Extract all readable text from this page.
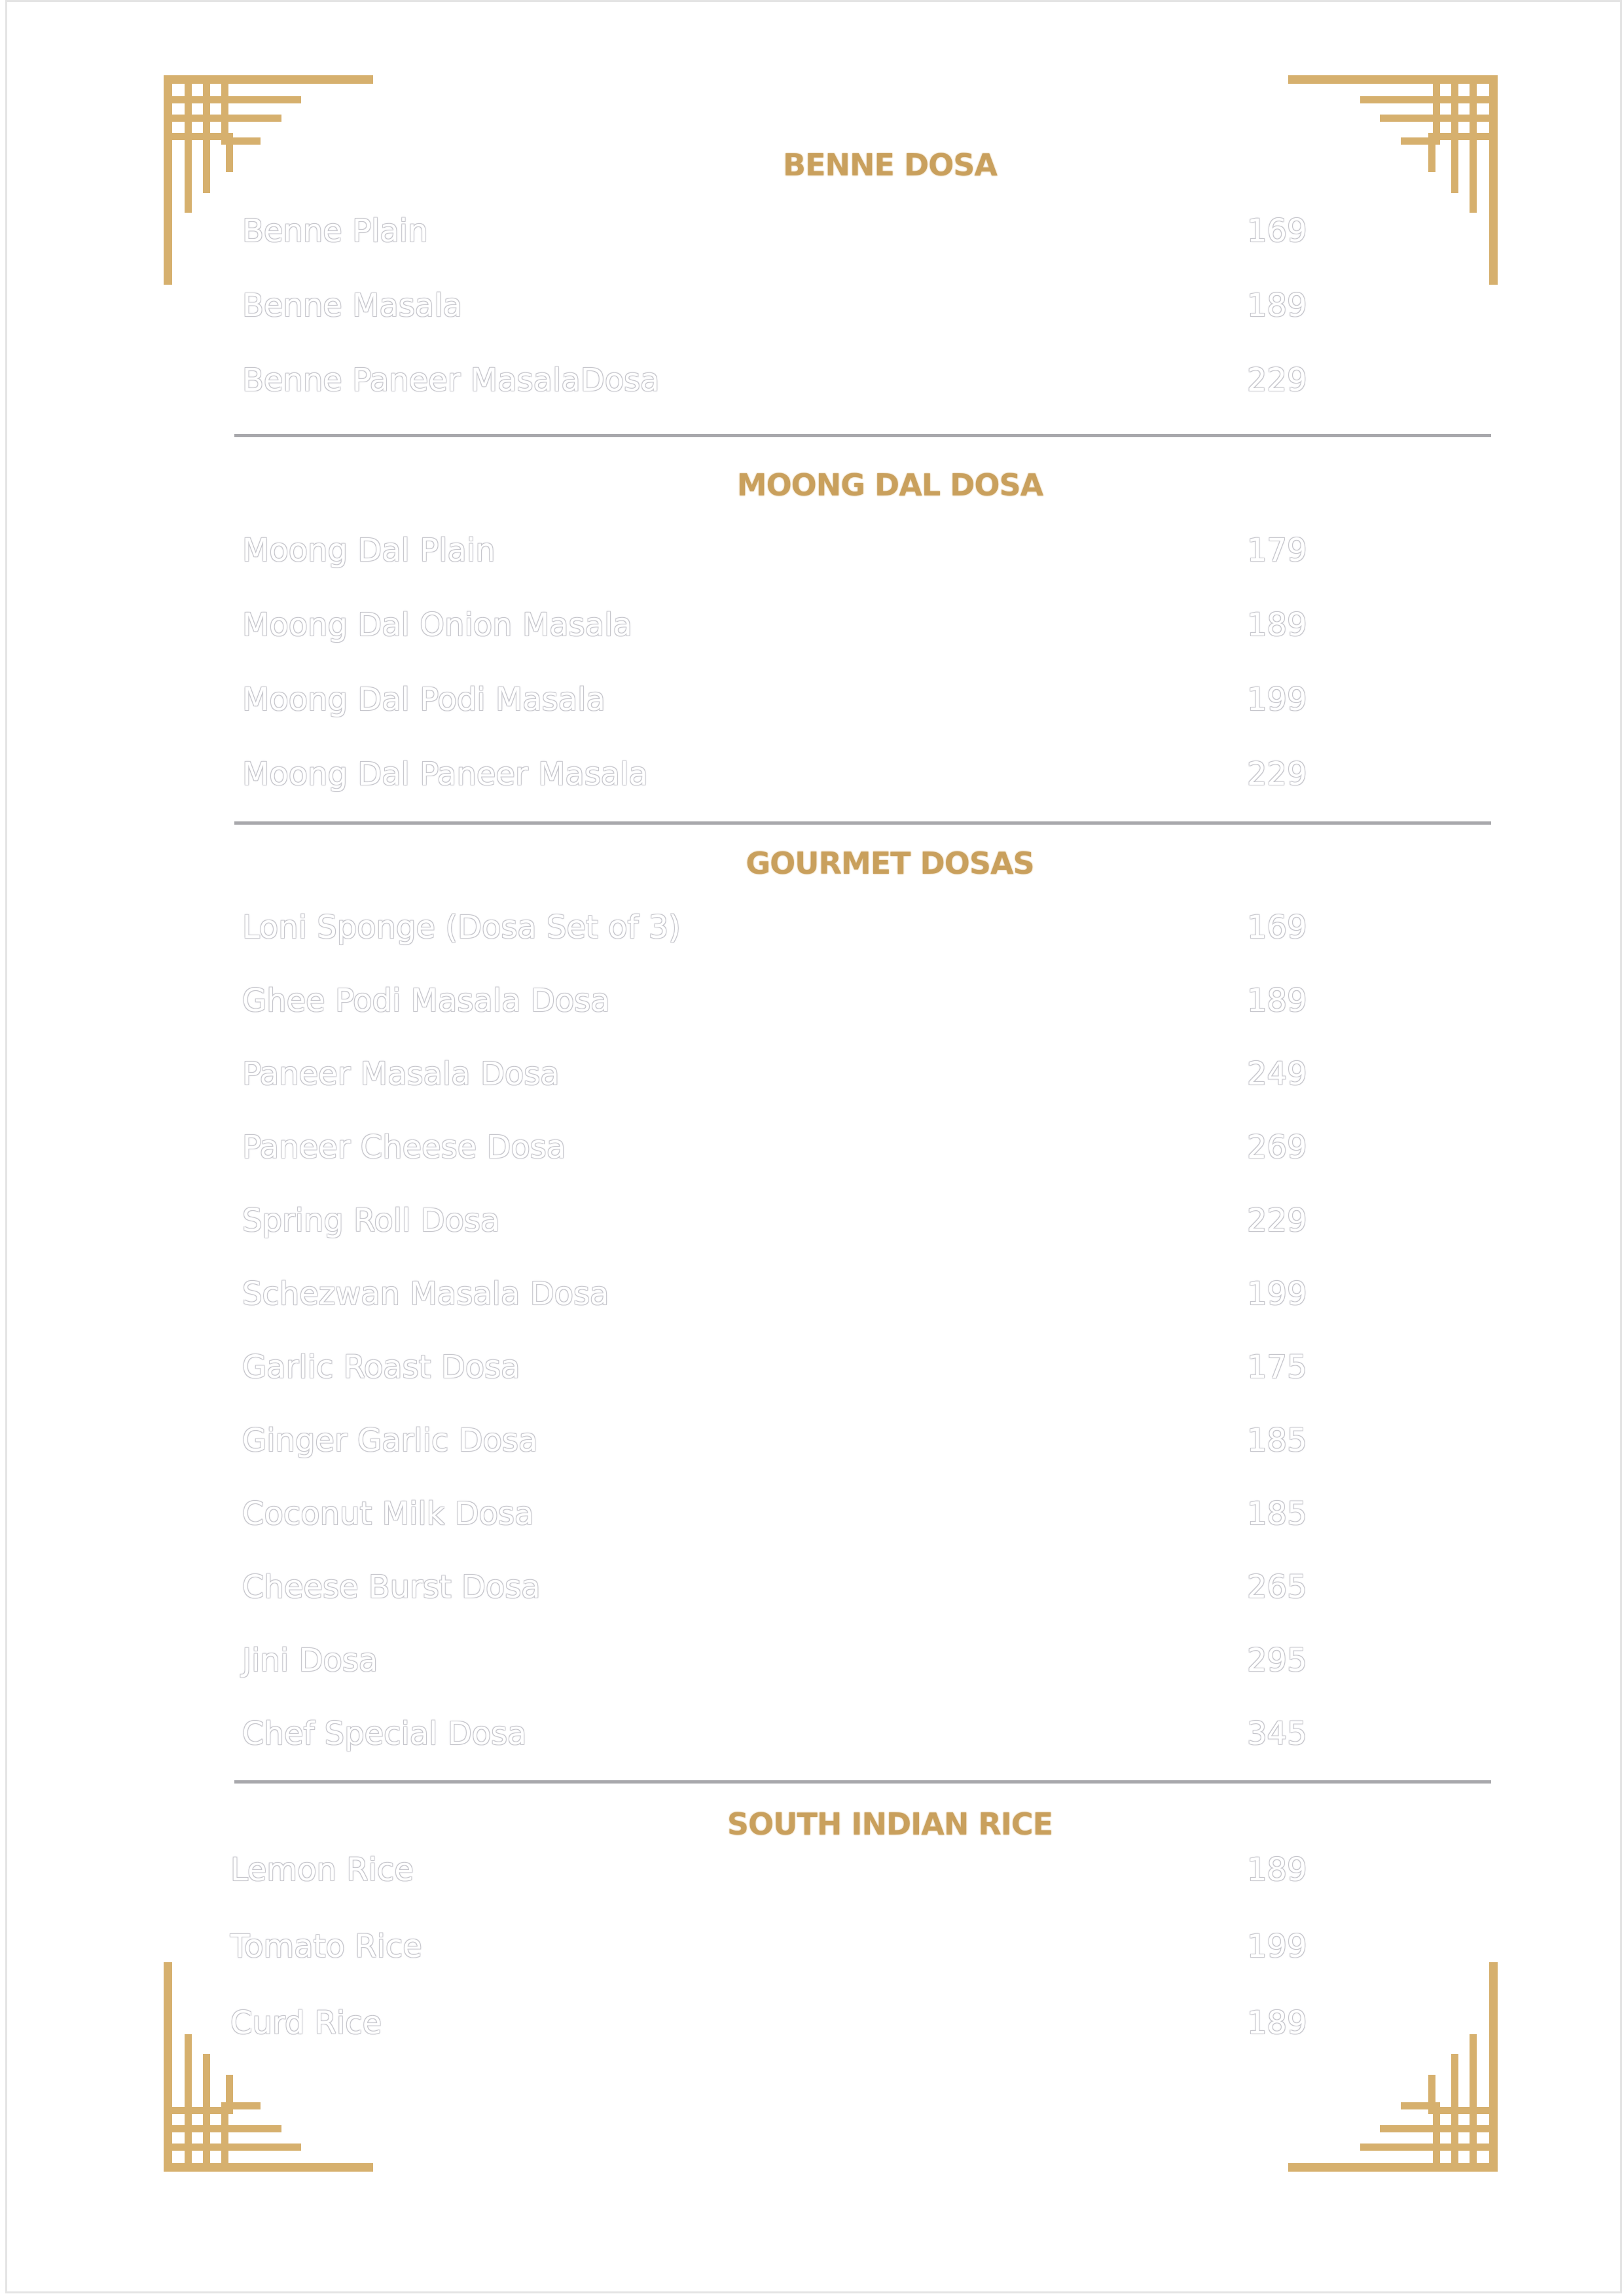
BENNE DOSA
Benne Plain	169
Benne Masala	189
Benne Paneer MasalaDosa	229
MOONG DAL DOSA
Moong Dal Plain	179
Moong Dal Onion Masala	189
Moong Dal Podi Masala	199
Moong Dal Paneer Masala	229
GOURMET DOSAS
Loni Sponge (Dosa Set of 3)	169
Ghee Podi Masala Dosa	189
Paneer Masala Dosa	249
Paneer Cheese Dosa	269
Spring Roll Dosa	229
Schezwan Masala Dosa	199
Garlic Roast Dosa	175
Ginger Garlic Dosa	185
Coconut Milk Dosa	185
Cheese Burst Dosa	265
Jini Dosa	295
Chef Special Dosa	345
SOUTH INDIAN RICE
Lemon Rice	189
Tomato Rice	199
Curd Rice	189
